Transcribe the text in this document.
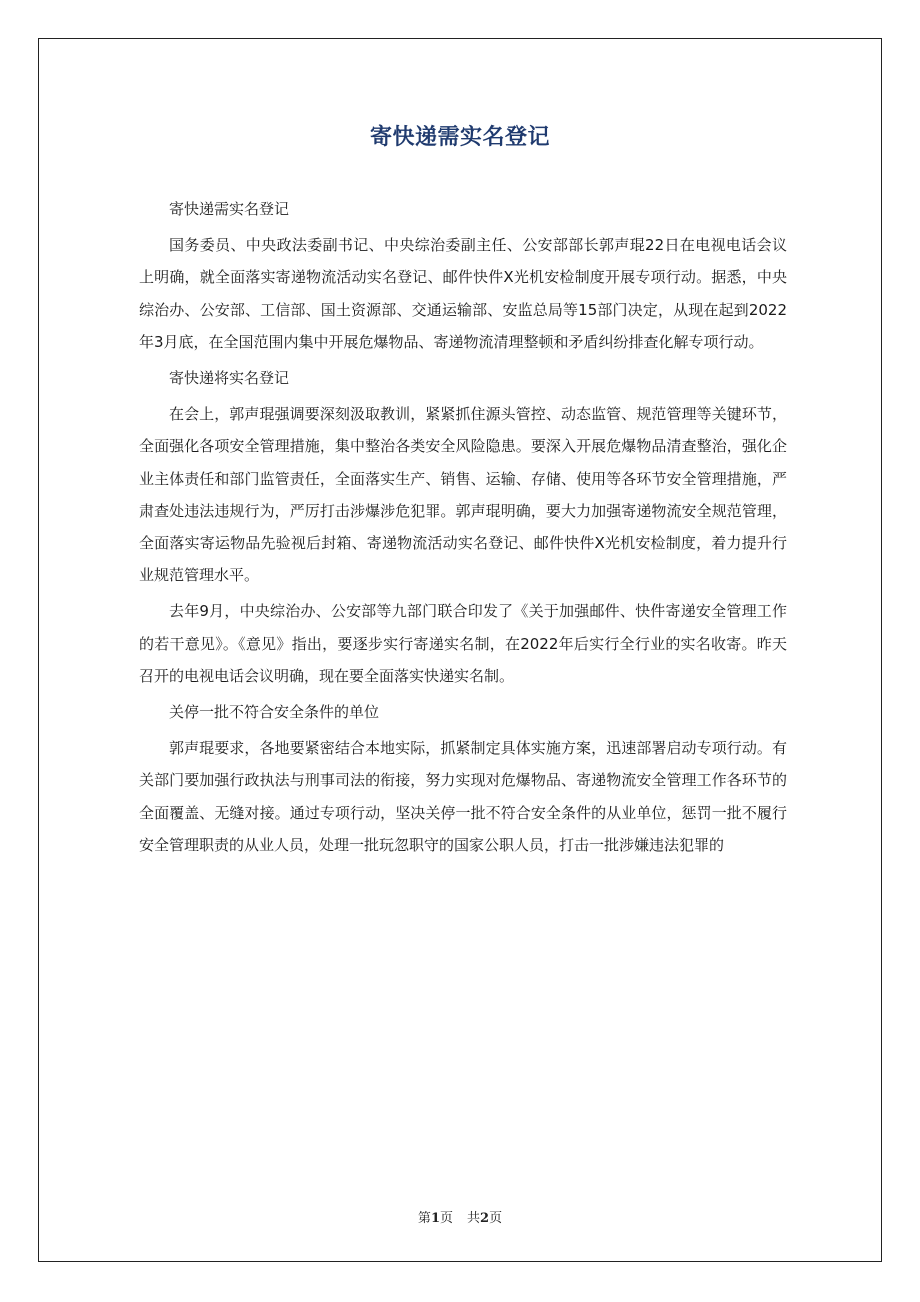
寄快递需实名登记

寄快递需实名登记

国务委员、中央政法委副书记、中央综治委副主任、公安部部长郭声琨22日在电视电话会议上明确，就全面落实寄递物流活动实名登记、邮件快件X光机安检制度开展专项行动。据悉，中央综治办、公安部、工信部、国土资源部、交通运输部、安监总局等15部门决定，从现在起到2022年3月底，在全国范围内集中开展危爆物品、寄递物流清理整顿和矛盾纠纷排查化解专项行动。

寄快递将实名登记

在会上，郭声琨强调要深刻汲取教训，紧紧抓住源头管控、动态监管、规范管理等关键环节，全面强化各项安全管理措施，集中整治各类安全风险隐患。要深入开展危爆物品清查整治，强化企业主体责任和部门监管责任，全面落实生产、销售、运输、存储、使用等各环节安全管理措施，严肃查处违法违规行为，严厉打击涉爆涉危犯罪。郭声琨明确，要大力加强寄递物流安全规范管理，全面落实寄运物品先验视后封箱、寄递物流活动实名登记、邮件快件X光机安检制度，着力提升行业规范管理水平。

去年9月，中央综治办、公安部等九部门联合印发了《关于加强邮件、快件寄递安全管理工作的若干意见》。《意见》指出，要逐步实行寄递实名制，在2022年后实行全行业的实名收寄。昨天召开的电视电话会议明确，现在要全面落实快递实名制。

关停一批不符合安全条件的单位

郭声琨要求，各地要紧密结合本地实际，抓紧制定具体实施方案，迅速部署启动专项行动。有关部门要加强行政执法与刑事司法的衔接，努力实现对危爆物品、寄递物流安全管理工作各环节的全面覆盖、无缝对接。通过专项行动，坚决关停一批不符合安全条件的从业单位，惩罚一批不履行安全管理职责的从业人员，处理一批玩忽职守的国家公职人员，打击一批涉嫌违法犯罪的

第1页 共2页
